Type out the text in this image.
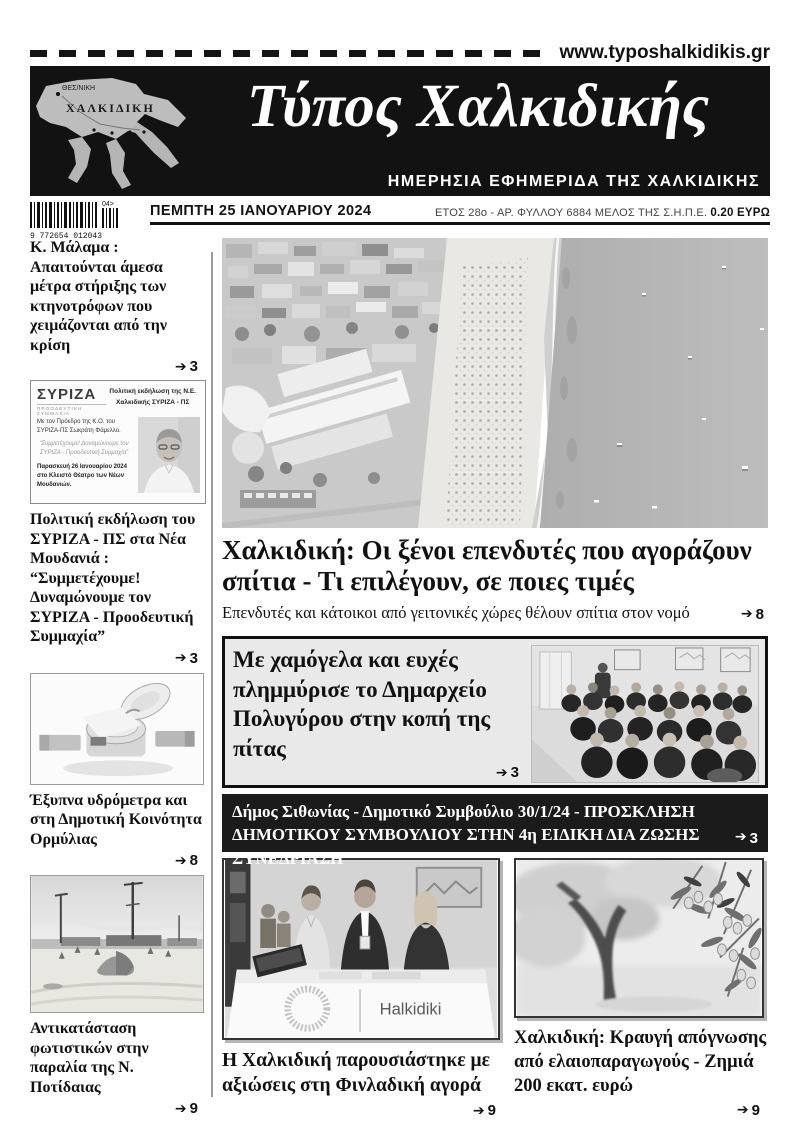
www.typoshalkidikis.gr
ΘΕΣ/ΝΙΚΗ
ΧΑΛΚΙΔΙΚΗ	Τύπος Χαλκιδικής
ΗΜΕΡΗΣΙΑ ΕΦΗΜΕΡΙΔΑ ΤΗΣ ΧΑΛΚΙΔΙΚΗΣ
04>
9 772654 012043
ΠΕΜΠΤΗ 25 ΙΑΝΟΥΑΡΙΟΥ 2024	ΕΤΟΣ 28ο - ΑΡ. ΦΥΛΛΟΥ 6884 ΜΕΛΟΣ ΤΗΣ Σ.Η.Π.Ε. 0.20 ΕΥΡΩ
Κ. Μάλαμα : Απαιτούνται άμεσα μέτρα στήριξης των κτηνοτρόφων που χειμάζονται από την κρίση
➔ 3
ΣΥΡΙΖΑ
ΠΡΟΟΔΕΥΤΙΚΗ ΣΥΜΜΑΧΙΑ
Πολιτική εκδήλωση της Ν.Ε. Χαλκιδικής ΣΥΡΙΖΑ - ΠΣ
Με τον Πρόεδρο της Κ.Ο. του ΣΥΡΙΖΑ-ΠΣ Σωκράτη Φάμελλο.
“Συμμετέχουμε! Δυναμώνουμε τον ΣΥΡΙΖΑ - Προοδευτική Συμμαχία”
Παρασκευή 26 Ιανουαρίου 2024 στο Κλειστό Θέατρο των Νέων Μουδανιών.
Πολιτική εκδήλωση του ΣΥΡΙΖΑ - ΠΣ στα Νέα Μουδανιά : “Συμμετέχουμε! Δυναμώνουμε τον ΣΥΡΙΖΑ - Προοδευτική Συμμαχία”
➔ 3
Έξυπνα υδρόμετρα και στη Δημοτική Κοινότητα Ορμύλιας
➔ 8
Αντικατάσταση φωτιστικών στην παραλία της Ν. Ποτίδαιας
➔ 9
Χαλκιδική: Οι ξένοι επενδυτές που αγοράζουν σπίτια - Τι επιλέγουν, σε ποιες τιμές
Επενδυτές και κάτοικοι από γειτονικές χώρες θέλουν σπίτια στον νομό	➔ 8
Με χαμόγελα και ευχές πλημμύρισε το Δημαρχείο Πολυγύρου στην κοπή της πίτας
➔ 3
Δήμος Σιθωνίας - Δημοτικό Συμβούλιο 30/1/24 - ΠΡΟΣΚΛΗΣΗ ΔΗΜΟΤΙΚΟΥ ΣΥΜΒΟΥΛΙΟΥ ΣΤΗΝ 4η ΕΙΔΙΚΗ ΔΙΑ ΖΩΣΗΣ ΣΥΝΕΔΡΙΑΣΗ
➔ 3
Halkidiki
Η Χαλκιδική παρουσιάστηκε με αξιώσεις στη Φινλαδική αγορά
➔ 9
Χαλκιδική: Κραυγή απόγνωσης από ελαιοπαραγωγούς - Ζημιά 200 εκατ. ευρώ
➔ 9
